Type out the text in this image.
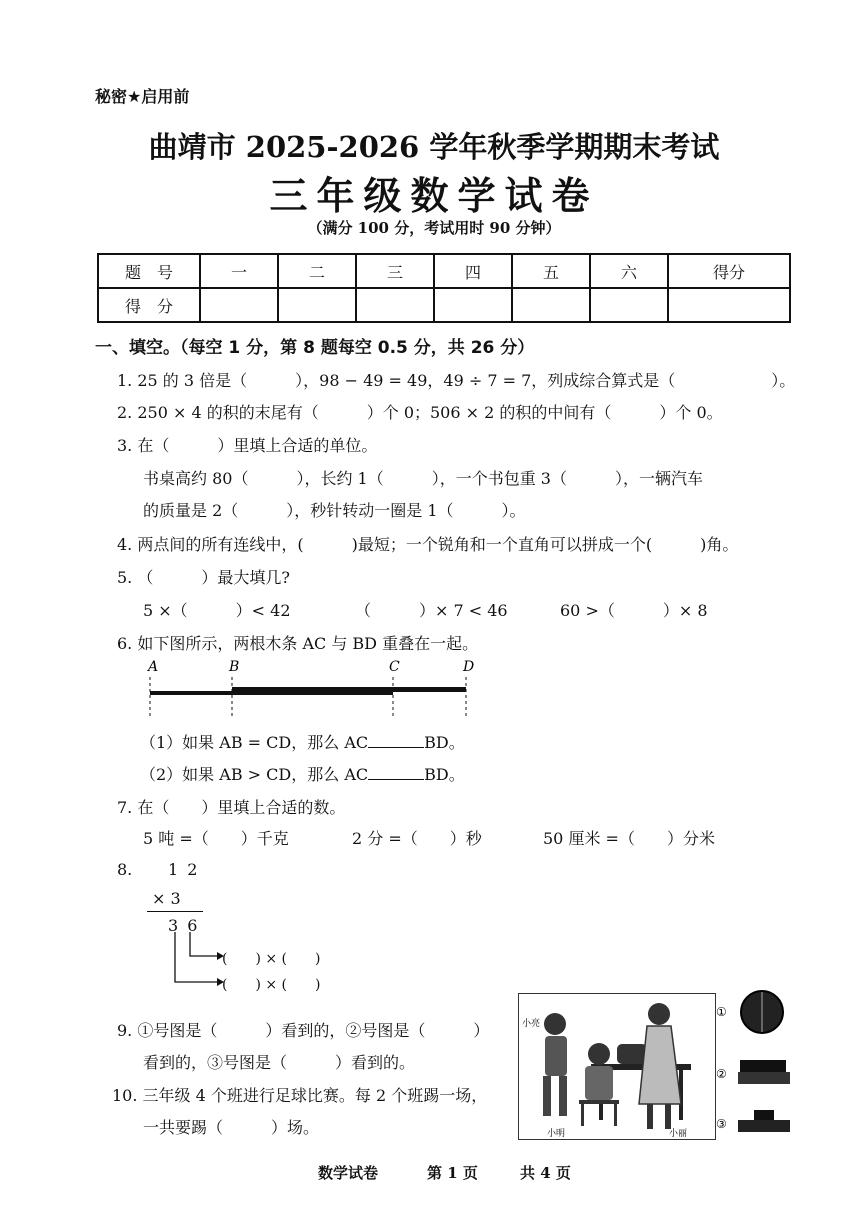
秘密★启用前
曲靖市 2025-2026 学年秋季学期期末考试
三年级数学试卷
（满分 100 分，考试用时 90 分钟）
题　号	一	二	三	四	五	六	得分
得　分							
一、填空。（每空 1 分，第 8 题每空 0.5 分，共 26 分）
1. 25 的 3 倍是（　　　），98 − 49 = 49，49 ÷ 7 = 7，列成综合算式是（　　　　　　）。
2. 250 × 4 的积的末尾有（　　　）个 0；506 × 2 的积的中间有（　　　）个 0。
3. 在（　　　）里填上合适的单位。
书桌高约 80（　　　），长约 1（　　　），一个书包重 3（　　　），一辆汽车
的质量是 2（　　　），秒针转动一圈是 1（　　　）。
4. 两点间的所有连线中，(　　　)最短；一个锐角和一个直角可以拼成一个(　　　)角。
5. （　　　）最大填几?
5 ×（　　　）< 42	（　　　）× 7 < 46	60 >（　　　）× 8
6. 如下图所示，两根木条 AC 与 BD 重叠在一起。
A	B	C	D
（1）如果 AB = CD，那么 AC	BD。
（2）如果 AB > CD，那么 AC	BD。
7. 在（　　）里填上合适的数。
5 吨 =（　　）千克	2 分 =（　　）秒	50 厘米 =（　　）分米
8. 1 2
× 3
3 6
(　　) × (　　)
(　　) × (　　)
9. ①号图是（　　　）看到的，②号图是（　　　）
看到的，③号图是（　　　）看到的。
10. 三年级 4 个班进行足球比赛。每 2 个班踢一场，
一共要踢（　　　）场。
小亮
小明	小丽
①
②
③
数学试卷	第 1 页	共 4 页
